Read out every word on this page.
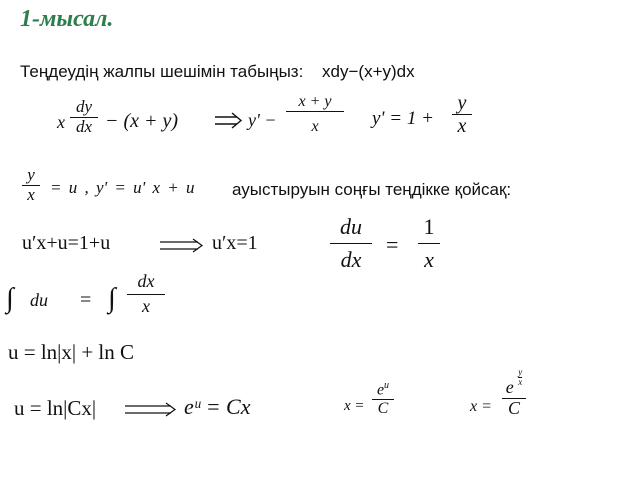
1-мысал.
Теңдеудің жалпы шешімін табыңыз: xdy−(x+y)dx
x
dy
dx − (x + y)	y' −
x + y
x	y' = 1 +
y
x
y
x = u , y' = u' x + u ауыстыруын соңғы теңдікке қойсақ:
u′x+u=1+u	u′x=1
du
dx
=
1
x
∫ du = ∫
dx
x
u = ln|x| + ln C
u = ln|Cx|	eᵘ = Cx	x =
$e^u$
C	x =
e $\frac{y}{x}$
C
